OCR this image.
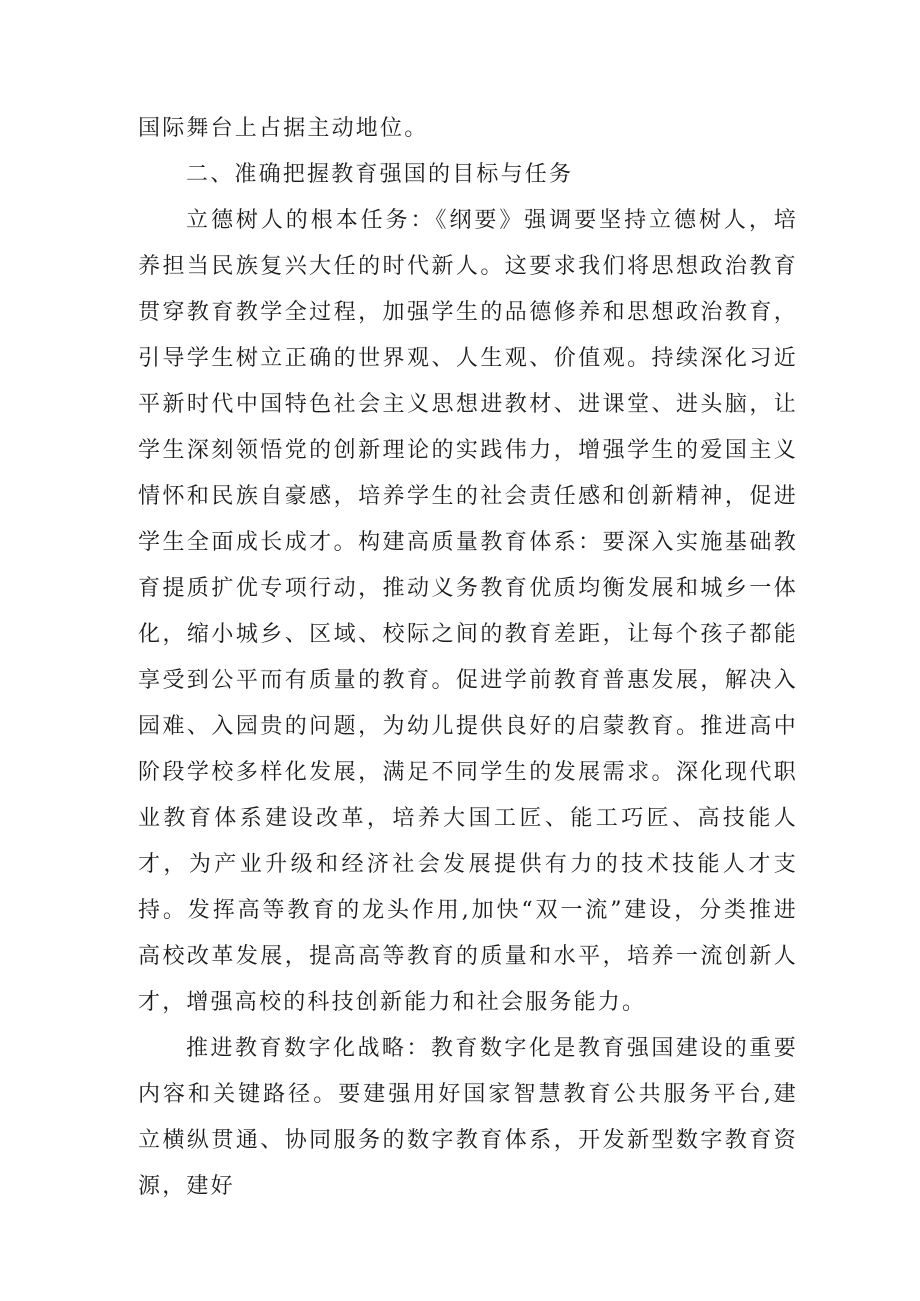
国际舞台上占据主动地位。

二、准确把握教育强国的目标与任务

立德树人的根本任务：《纲要》强调要坚持立德树人，培养担当民族复兴大任的时代新人。这要求我们将思想政治教育贯穿教育教学全过程，加强学生的品德修养和思想政治教育，引导学生树立正确的世界观、人生观、价值观。持续深化习近平新时代中国特色社会主义思想进教材、进课堂、进头脑，让学生深刻领悟党的创新理论的实践伟力，增强学生的爱国主义情怀和民族自豪感，培养学生的社会责任感和创新精神，促进学生全面成长成才。构建高质量教育体系：要深入实施基础教育提质扩优专项行动，推动义务教育优质均衡发展和城乡一体化，缩小城乡、区域、校际之间的教育差距，让每个孩子都能享受到公平而有质量的教育。促进学前教育普惠发展，解决入园难、入园贵的问题，为幼儿提供良好的启蒙教育。推进高中阶段学校多样化发展，满足不同学生的发展需求。深化现代职业教育体系建设改革，培养大国工匠、能工巧匠、高技能人才，为产业升级和经济社会发展提供有力的技术技能人才支持。发挥高等教育的龙头作用,加快“双一流”建设，分类推进高校改革发展，提高高等教育的质量和水平，培养一流创新人才，增强高校的科技创新能力和社会服务能力。

推进教育数字化战略：教育数字化是教育强国建设的重要内容和关键路径。要建强用好国家智慧教育公共服务平台,建立横纵贯通、协同服务的数字教育体系，开发新型数字教育资源，建好
